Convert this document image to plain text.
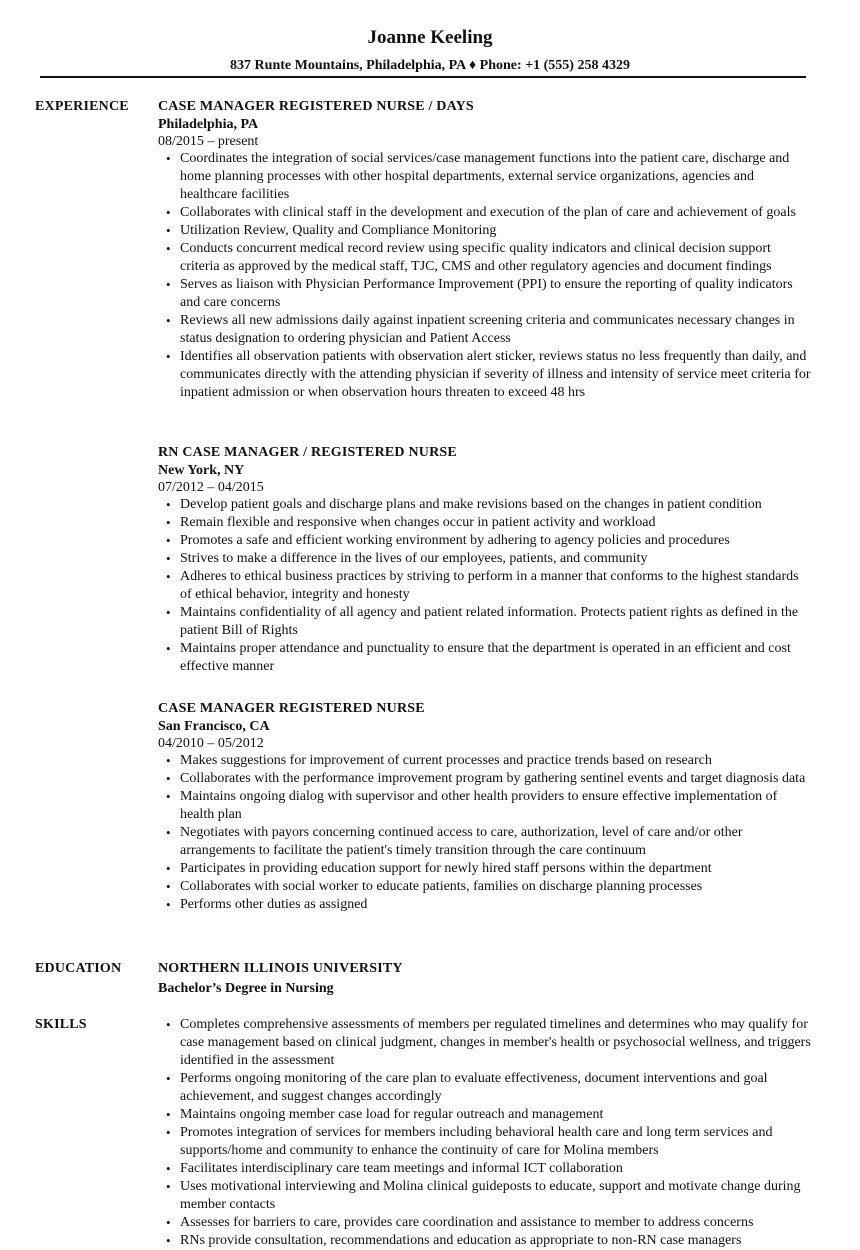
Joanne Keeling
837 Runte Mountains, Philadelphia, PA ♦ Phone: +1 (555) 258 4329
EXPERIENCE CASE MANAGER REGISTERED NURSE / DAYS
Philadelphia, PA
08/2015 – present
• Coordinates the integration of social services/case management functions into the patient care, discharge and home planning processes with other hospital departments, external service organizations, agencies and healthcare facilities
• Collaborates with clinical staff in the development and execution of the plan of care and achievement of goals
• Utilization Review, Quality and Compliance Monitoring
• Conducts concurrent medical record review using specific quality indicators and clinical decision support criteria as approved by the medical staff, TJC, CMS and other regulatory agencies and document findings
• Serves as liaison with Physician Performance Improvement (PPI) to ensure the reporting of quality indicators and care concerns
• Reviews all new admissions daily against inpatient screening criteria and communicates necessary changes in status designation to ordering physician and Patient Access
• Identifies all observation patients with observation alert sticker, reviews status no less frequently than daily, and communicates directly with the attending physician if severity of illness and intensity of service meet criteria for inpatient admission or when observation hours threaten to exceed 48 hrs
RN CASE MANAGER / REGISTERED NURSE
New York, NY
07/2012 – 04/2015
• Develop patient goals and discharge plans and make revisions based on the changes in patient condition
• Remain flexible and responsive when changes occur in patient activity and workload
• Promotes a safe and efficient working environment by adhering to agency policies and procedures
• Strives to make a difference in the lives of our employees, patients, and community
• Adheres to ethical business practices by striving to perform in a manner that conforms to the highest standards of ethical behavior, integrity and honesty
• Maintains confidentiality of all agency and patient related information. Protects patient rights as defined in the patient Bill of Rights
• Maintains proper attendance and punctuality to ensure that the department is operated in an efficient and cost effective manner
CASE MANAGER REGISTERED NURSE
San Francisco, CA
04/2010 – 05/2012
• Makes suggestions for improvement of current processes and practice trends based on research
• Collaborates with the performance improvement program by gathering sentinel events and target diagnosis data
• Maintains ongoing dialog with supervisor and other health providers to ensure effective implementation of health plan
• Negotiates with payors concerning continued access to care, authorization, level of care and/or other arrangements to facilitate the patient's timely transition through the care continuum
• Participates in providing education support for newly hired staff persons within the department
• Collaborates with social worker to educate patients, families on discharge planning processes
• Performs other duties as assigned
EDUCATION	NORTHERN ILLINOIS UNIVERSITY
Bachelor’s Degree in Nursing
SKILLS
•	Completes comprehensive assessments of members per regulated timelines and determines who may qualify for case management based on clinical judgment, changes in member's health or psychosocial wellness, and triggers identified in the assessment
• Performs ongoing monitoring of the care plan to evaluate effectiveness, document interventions and goal achievement, and suggest changes accordingly
• Maintains ongoing member case load for regular outreach and management
• Promotes integration of services for members including behavioral health care and long term services and supports/home and community to enhance the continuity of care for Molina members
• Facilitates interdisciplinary care team meetings and informal ICT collaboration
• Uses motivational interviewing and Molina clinical guideposts to educate, support and motivate change during member contacts
• Assesses for barriers to care, provides care coordination and assistance to member to address concerns
• RNs provide consultation, recommendations and education as appropriate to non-RN case managers
